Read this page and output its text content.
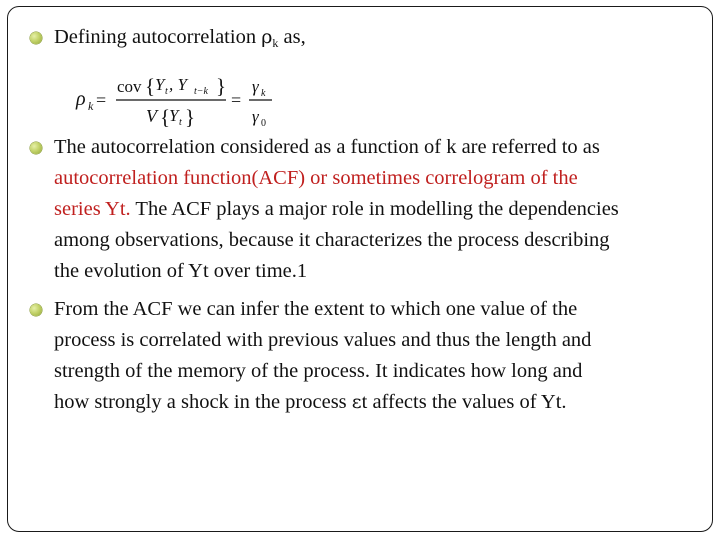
Defining autocorrelation ρk as,
ρ k =
cov { Y t , Y t−k }
V {
Y t }
=
γ k
γ 0
The autocorrelation considered as a function of k are referred to as
autocorrelation function(ACF) or sometimes correlogram of the
series Yt. The ACF plays a major role in modelling the dependencies
among observations, because it characterizes the process describing
the evolution of Yt over time.1
From the ACF we can infer the extent to which one value of the
process is correlated with previous values and thus the length and
strength of the memory of the process. It indicates how long and
how strongly a shock in the process εt affects the values of Yt.
